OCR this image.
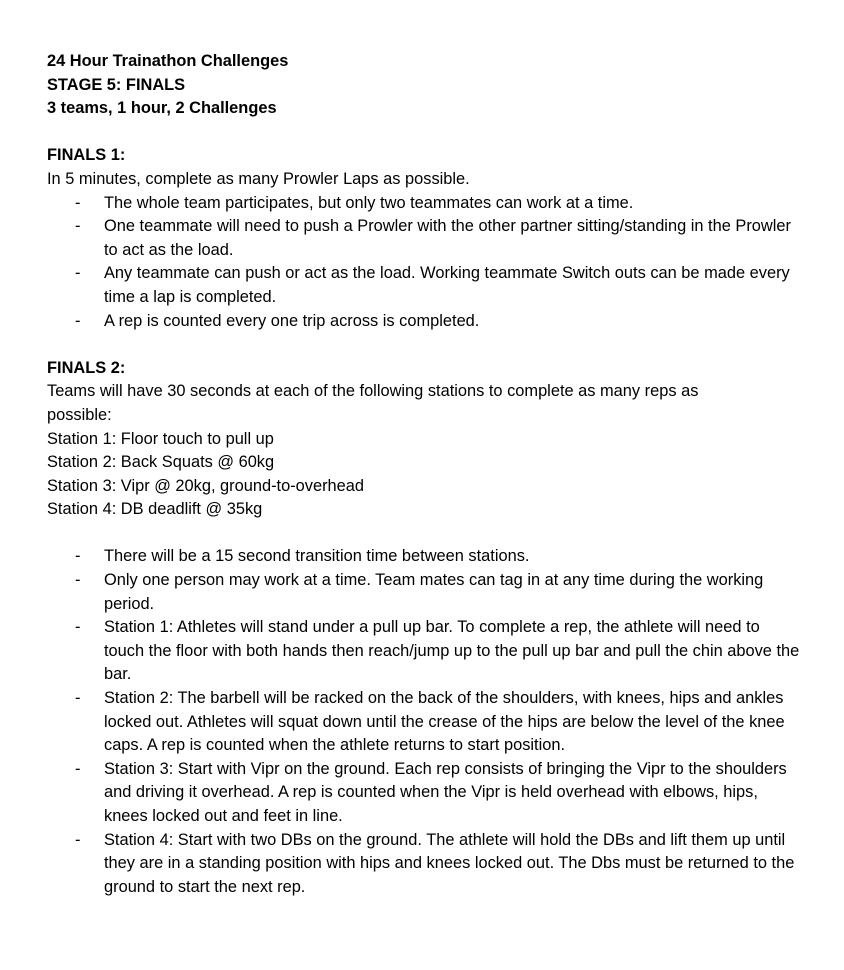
24 Hour Trainathon Challenges
STAGE 5: FINALS
3 teams, 1 hour, 2 Challenges
FINALS 1:
In 5 minutes, complete as many Prowler Laps as possible.
- The whole team participates, but only two teammates can work at a time.
- One teammate will need to push a Prowler with the other partner sitting/standing in the Prowler to act as the load.
- Any teammate can push or act as the load. Working teammate Switch outs can be made every time a lap is completed.
- A rep is counted every one trip across is completed.
FINALS 2:
Teams will have 30 seconds at each of the following stations to complete as many reps as possible:
Station 1: Floor touch to pull up
Station 2: Back Squats @ 60kg
Station 3: Vipr @ 20kg, ground-to-overhead
Station 4: DB deadlift @ 35kg
- There will be a 15 second transition time between stations.
- Only one person may work at a time. Team mates can tag in at any time during the working period.
- Station 1: Athletes will stand under a pull up bar. To complete a rep, the athlete will need to touch the floor with both hands then reach/jump up to the pull up bar and pull the chin above the bar.
- Station 2: The barbell will be racked on the back of the shoulders, with knees, hips and ankles locked out. Athletes will squat down until the crease of the hips are below the level of the knee caps. A rep is counted when the athlete returns to start position.
- Station 3: Start with Vipr on the ground. Each rep consists of bringing the Vipr to the shoulders and driving it overhead. A rep is counted when the Vipr is held overhead with elbows, hips, knees locked out and feet in line.
- Station 4: Start with two DBs on the ground. The athlete will hold the DBs and lift them up until they are in a standing position with hips and knees locked out. The Dbs must be returned to the ground to start the next rep.
